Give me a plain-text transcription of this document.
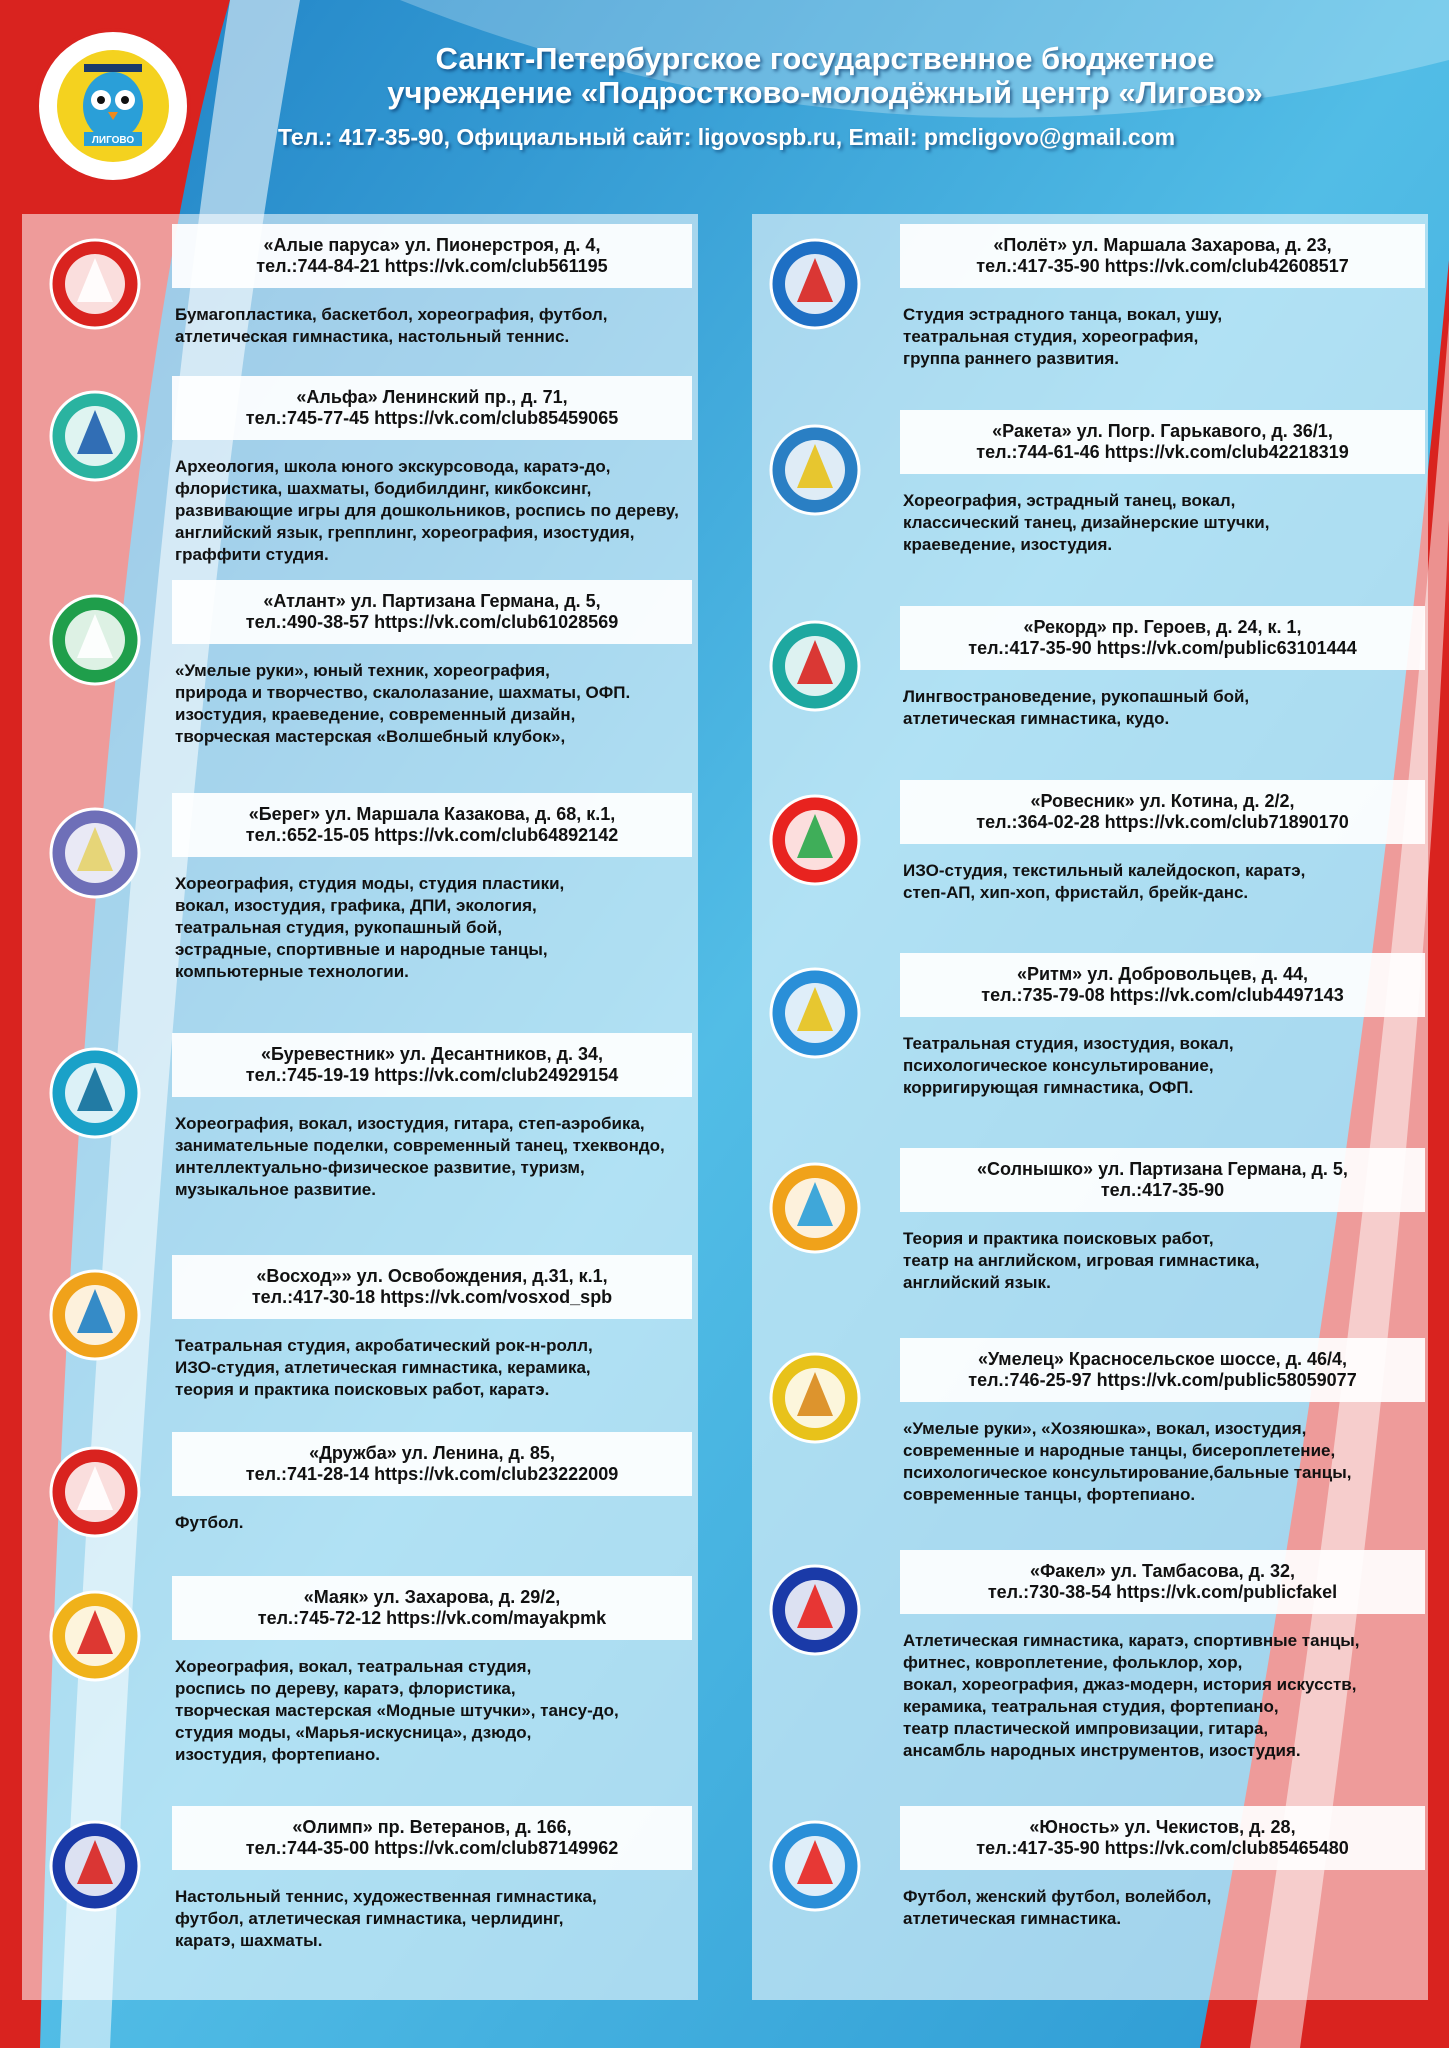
ЛИГОВО
Санкт-Петербургское государственное бюджетное
учреждение «Подростково-молодёжный центр «Лигово»
Тел.: 417-35-90, Официальный сайт: ligovospb.ru, Email: pmcligovo@gmail.com
«Алые паруса» ул. Пионерстроя, д. 4,
тел.:744-84-21 https://vk.com/club561195
Бумагопластика, баскетбол, хореография, футбол,
атлетическая гимнастика, настольный теннис.
«Альфа» Ленинский пр., д. 71,
тел.:745-77-45 https://vk.com/club85459065
Археология, школа юного экскурсовода, каратэ-до,
флористика, шахматы, бодибилдинг, кикбоксинг,
развивающие игры для дошкольников, роспись по дереву,
английский язык, грепплинг, хореография, изостудия,
граффити студия.
«Атлант» ул. Партизана Германа, д. 5,
тел.:490-38-57 https://vk.com/club61028569
«Умелые руки», юный техник, хореография,
природа и творчество, скалолазание, шахматы, ОФП.
изостудия, краеведение, современный дизайн,
творческая мастерская «Волшебный клубок»,
«Берег» ул. Маршала Казакова, д. 68, к.1,
тел.:652-15-05 https://vk.com/club64892142
Хореография, студия моды, студия пластики,
вокал, изостудия, графика, ДПИ, экология,
театральная студия, рукопашный бой,
эстрадные, спортивные и народные танцы,
компьютерные технологии.
«Буревестник» ул. Десантников, д. 34,
тел.:745-19-19 https://vk.com/club24929154
Хореография, вокал, изостудия, гитара, степ-аэробика,
занимательные поделки, современный танец, тхеквондо,
интеллектуально-физическое развитие, туризм,
музыкальное развитие.
«Восход»» ул. Освобождения, д.31, к.1,
тел.:417-30-18 https://vk.com/vosxod_spb
Театральная студия, акробатический рок-н-ролл,
ИЗО-студия, атлетическая гимнастика, керамика,
теория и практика поисковых работ, каратэ.
«Дружба» ул. Ленина, д. 85,
тел.:741-28-14 https://vk.com/club23222009
Футбол.
«Маяк» ул. Захарова, д. 29/2,
тел.:745-72-12 https://vk.com/mayakpmk
Хореография, вокал, театральная студия,
роспись по дереву, каратэ, флористика,
творческая мастерская «Модные штучки», тансу-до,
студия моды, «Марья-искусница», дзюдо,
изостудия, фортепиано.
«Олимп» пр. Ветеранов, д. 166,
тел.:744-35-00 https://vk.com/club87149962
Настольный теннис, художественная гимнастика,
футбол, атлетическая гимнастика, черлидинг,
каратэ, шахматы.
«Полёт» ул. Маршала Захарова, д. 23,
тел.:417-35-90 https://vk.com/club42608517
Студия эстрадного танца, вокал, ушу,
театральная студия, хореография,
группа раннего развития.
«Ракета» ул. Погр. Гарькавого, д. 36/1,
тел.:744-61-46 https://vk.com/club42218319
Хореография, эстрадный танец, вокал,
классический танец, дизайнерские штучки,
краеведение, изостудия.
«Рекорд» пр. Героев, д. 24, к. 1,
тел.:417-35-90 https://vk.com/public63101444
Лингвострановедение, рукопашный бой,
атлетическая гимнастика, кудо.
«Ровесник» ул. Котина, д. 2/2,
тел.:364-02-28 https://vk.com/club71890170
ИЗО-студия, текстильный калейдоскоп, каратэ,
степ-АП, хип-хоп, фристайл, брейк-данс.
«Ритм» ул. Добровольцев, д. 44,
тел.:735-79-08 https://vk.com/club4497143
Театральная студия, изостудия, вокал,
психологическое консультирование,
корригирующая гимнастика, ОФП.
«Солнышко» ул. Партизана Германа, д. 5,
тел.:417-35-90
Теория и практика поисковых работ,
театр на английском, игровая гимнастика,
английский язык.
«Умелец» Красносельское шоссе, д. 46/4,
тел.:746-25-97 https://vk.com/public58059077
«Умелые руки», «Хозяюшка», вокал, изостудия,
современные и народные танцы, бисероплетение,
психологическое консультирование,бальные танцы,
современные танцы, фортепиано.
«Факел» ул. Тамбасова, д. 32,
тел.:730-38-54 https://vk.com/publicfakel
Атлетическая гимнастика, каратэ, спортивные танцы,
фитнес, ковроплетение, фольклор, хор,
вокал, хореография, джаз-модерн, история искусств,
керамика, театральная студия, фортепиано,
театр пластической импровизации, гитара,
ансамбль народных инструментов, изостудия.
«Юность» ул. Чекистов, д. 28,
тел.:417-35-90 https://vk.com/club85465480
Футбол, женский футбол, волейбол,
атлетическая гимнастика.
